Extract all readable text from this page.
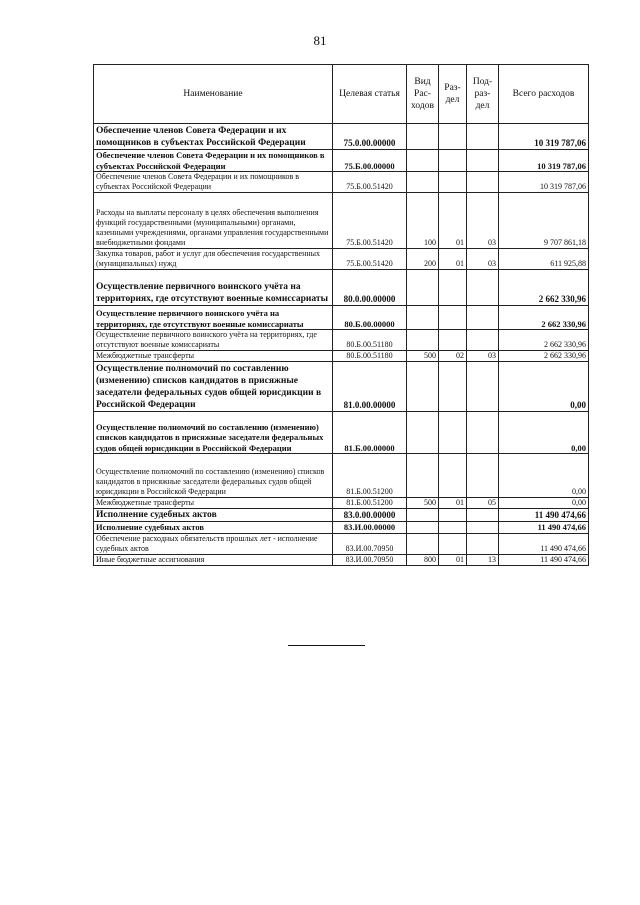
81
Наименование	Целевая статья	Вид Рас-ходов	Раз-дел	Под-раз-дел	Всего расходов
Обеспечение членов Совета Федерации и их помощников в субъектах Российской Федерации	75.0.00.00000				10 319 787,06
Обеспечение членов Совета Федерации и их помощников в субъектах Российской Федерации	75.Б.00.00000				10 319 787,06
Обеспечение членов Совета Федерации и их помощников в субъектах Российской Федерации	75.Б.00.51420				10 319 787,06
Расходы на выплаты персоналу в целях обеспечения выполнения функций государственными (муниципальными) органами, казенными учреждениями, органами управления государственными внебюджетными фондами	75.Б.00.51420	100	01	03	9 707 861,18
Закупка товаров, работ и услуг для обеспечения государственных (муниципальных) нужд	75.Б.00.51420	200	01	03	611 925,88
Осуществление первичного воинского учёта на территориях, где отсутствуют военные комиссариаты	80.0.00.00000				2 662 330,96
Осуществление первичного воинского учёта на территориях, где отсутствуют военные комиссариаты	80.Б.00.00000				2 662 330,96
Осуществление первичного воинского учёта на территориях, где отсутствуют военные комиссариаты	80.Б.00.51180				2 662 330,96
Межбюджетные трансферты	80.Б.00.51180	500	02	03	2 662 330,96
Осуществление полномочий по составлению (изменению) списков кандидатов в присяжные заседатели федеральных судов общей юрисдикции в Российской Федерации	81.0.00.00000				0,00
Осуществление полномочий по составлению (изменению) списков кандидатов в присяжные заседатели федеральных судов общей юрисдикции в Российской Федерации	81.Б.00.00000				0,00
Осуществление полномочий по составлению (изменению) списков кандидатов в присяжные заседатели федеральных судов общей юрисдикции в Российской Федерации	81.Б.00.51200				0,00
Межбюджетные трансферты	81.Б.00.51200	500	01	05	0,00
Исполнение судебных актов	83.0.00.00000				11 490 474,66
Исполнение судебных актов	83.И.00.00000				11 490 474,66
Обеспечение расходных обязательств прошлых лет - исполнение судебных актов	83.И.00.70950				11 490 474,66
Иные бюджетные ассигнования	83.И.00.70950	800	01	13	11 490 474,66
